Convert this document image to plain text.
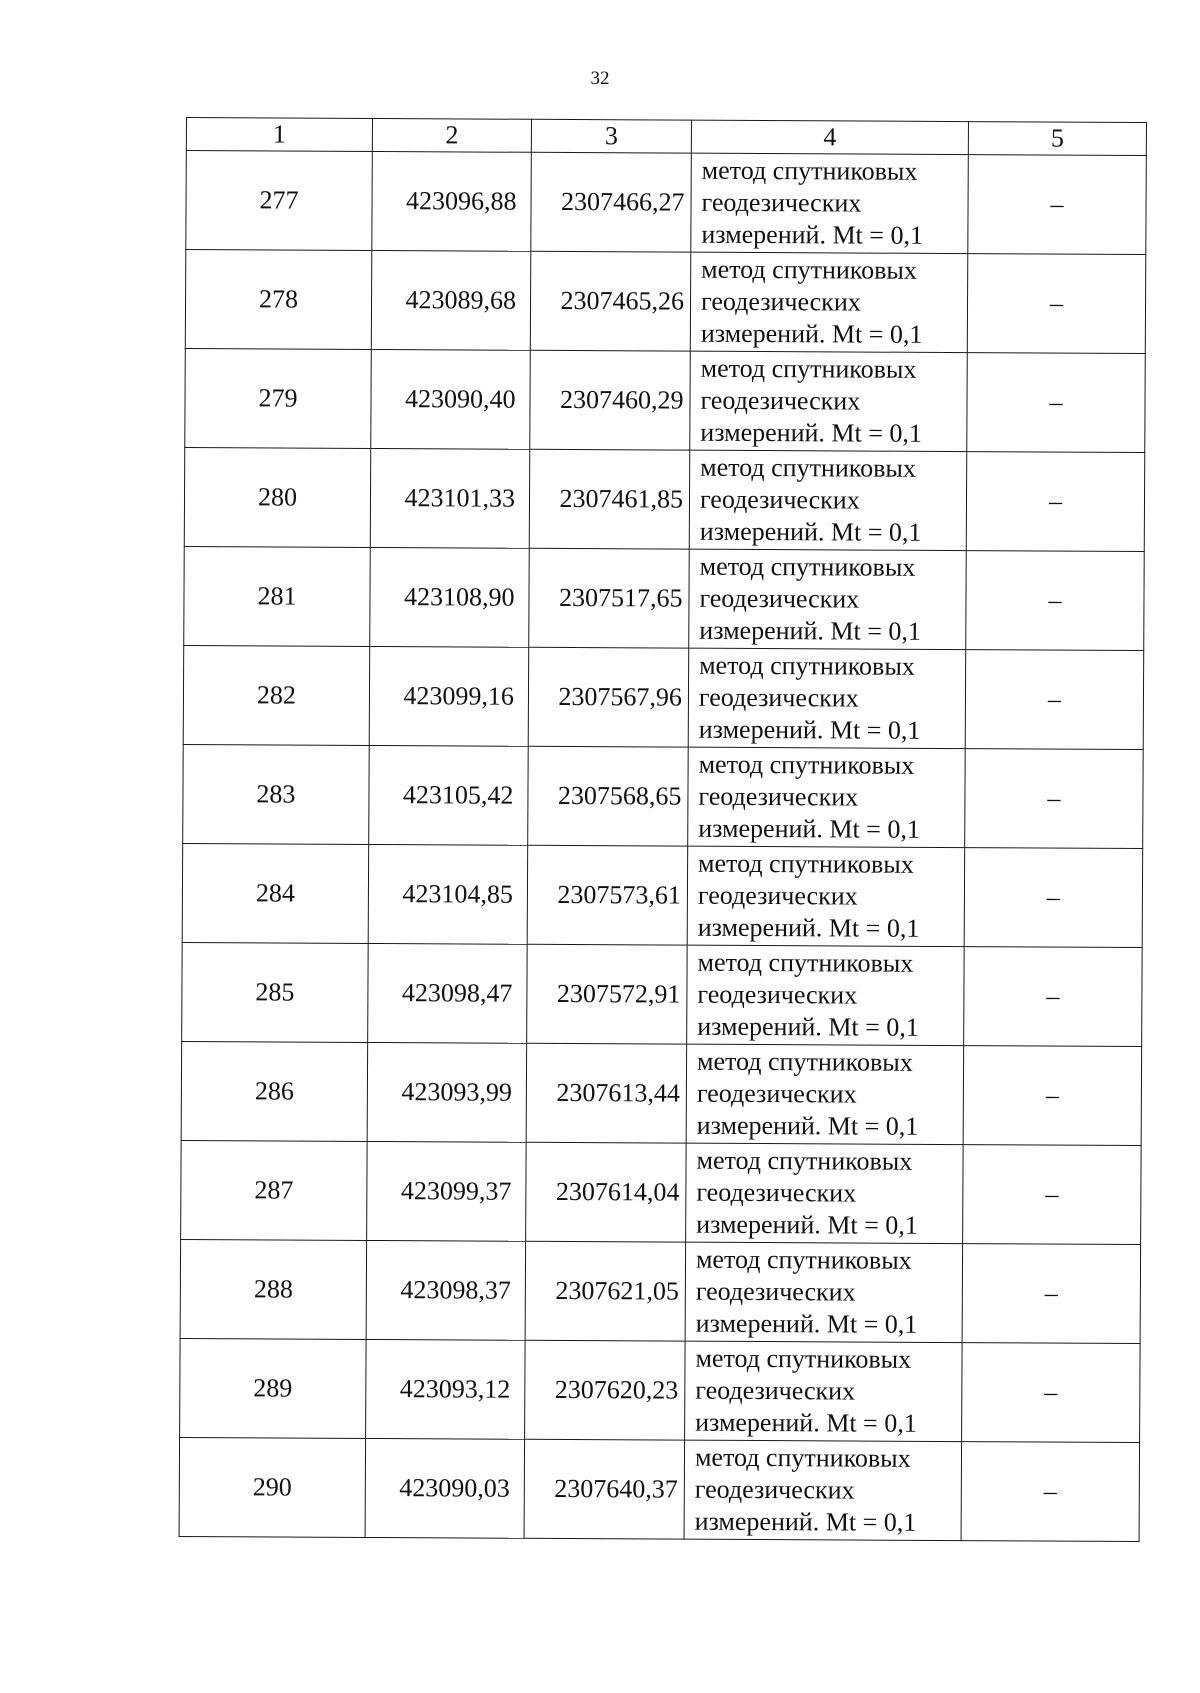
32
1	2	3	4	5
277	423096,88	2307466,27	метод спутниковых
геодезических
измерений. Mt = 0,1	–
278	423089,68	2307465,26	метод спутниковых
геодезических
измерений. Mt = 0,1	–
279	423090,40	2307460,29	метод спутниковых
геодезических
измерений. Mt = 0,1	–
280	423101,33	2307461,85	метод спутниковых
геодезических
измерений. Mt = 0,1	–
281	423108,90	2307517,65	метод спутниковых
геодезических
измерений. Mt = 0,1	–
282	423099,16	2307567,96	метод спутниковых
геодезических
измерений. Mt = 0,1	–
283	423105,42	2307568,65	метод спутниковых
геодезических
измерений. Mt = 0,1	–
284	423104,85	2307573,61	метод спутниковых
геодезических
измерений. Mt = 0,1	–
285	423098,47	2307572,91	метод спутниковых
геодезических
измерений. Mt = 0,1	–
286	423093,99	2307613,44	метод спутниковых
геодезических
измерений. Mt = 0,1	–
287	423099,37	2307614,04	метод спутниковых
геодезических
измерений. Mt = 0,1	–
288	423098,37	2307621,05	метод спутниковых
геодезических
измерений. Mt = 0,1	–
289	423093,12	2307620,23	метод спутниковых
геодезических
измерений. Mt = 0,1	–
290	423090,03	2307640,37	метод спутниковых
геодезических
измерений. Mt = 0,1	–
